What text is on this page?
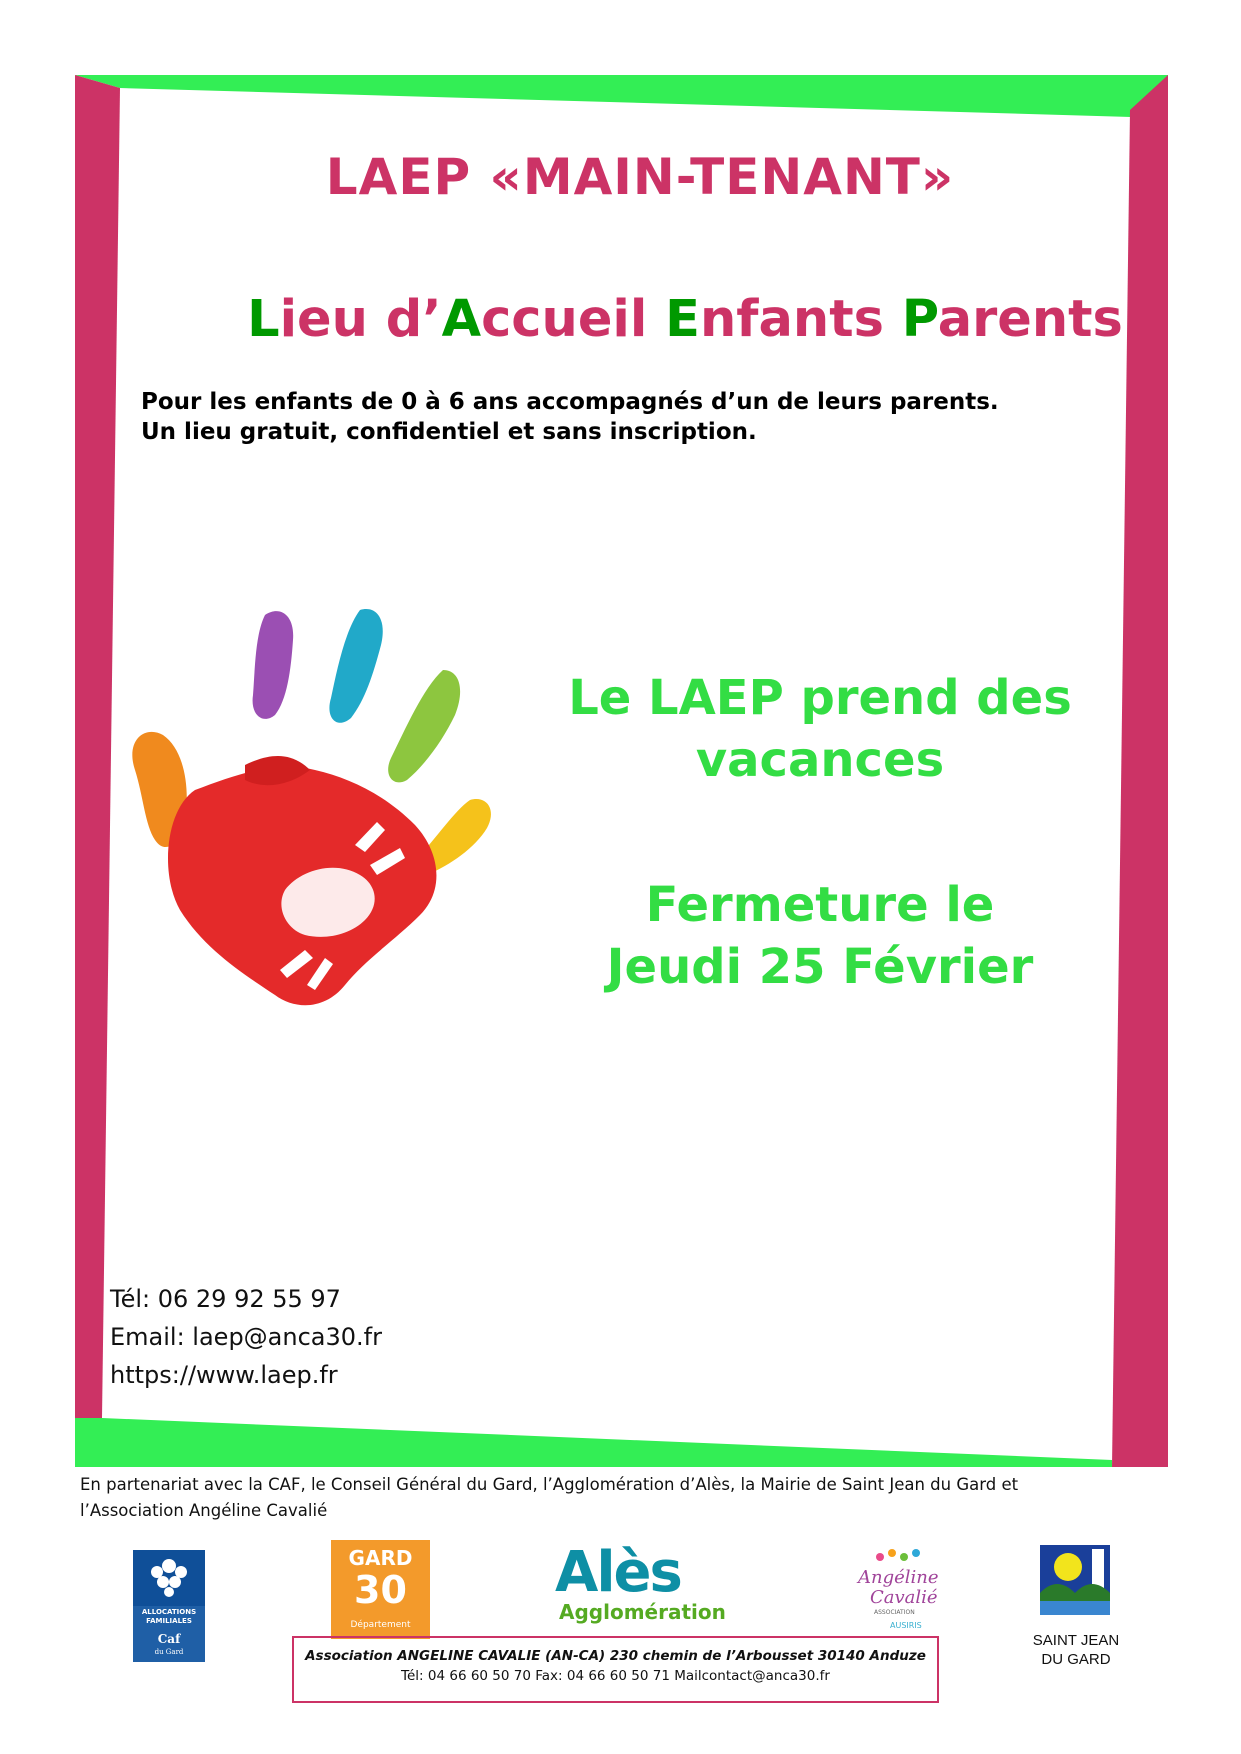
LAEP «MAIN-TENANT»
Lieu d’Accueil Enfants Parents
Pour les enfants de 0 à 6 ans accompagnés d’un de leurs parents.
Un lieu gratuit, confidentiel et sans inscription.
Le LAEP prend des
vacances
Fermeture le
Jeudi 25 Février
Tél: 06 29 92 55 97
Email: laep@anca30.fr
https://www.laep.fr
En partenariat avec la CAF, le Conseil Général du Gard, l’Agglomération d’Alès, la Mairie de Saint Jean du Gard et
l’Association Angéline Cavalié
ALLOCATIONS
FAMILIALES
Caf
du Gard
GARD
30
Département
Alès
Agglomération
Angéline
Cavalié
ASSOCIATION
AUSIRIS
SAINT JEAN
DU GARD
Association ANGELINE CAVALIE (AN-CA) 230 chemin de l’Arbousset 30140 Anduze
Tél: 04 66 60 50 70 Fax: 04 66 60 50 71 Mailcontact@anca30.fr
